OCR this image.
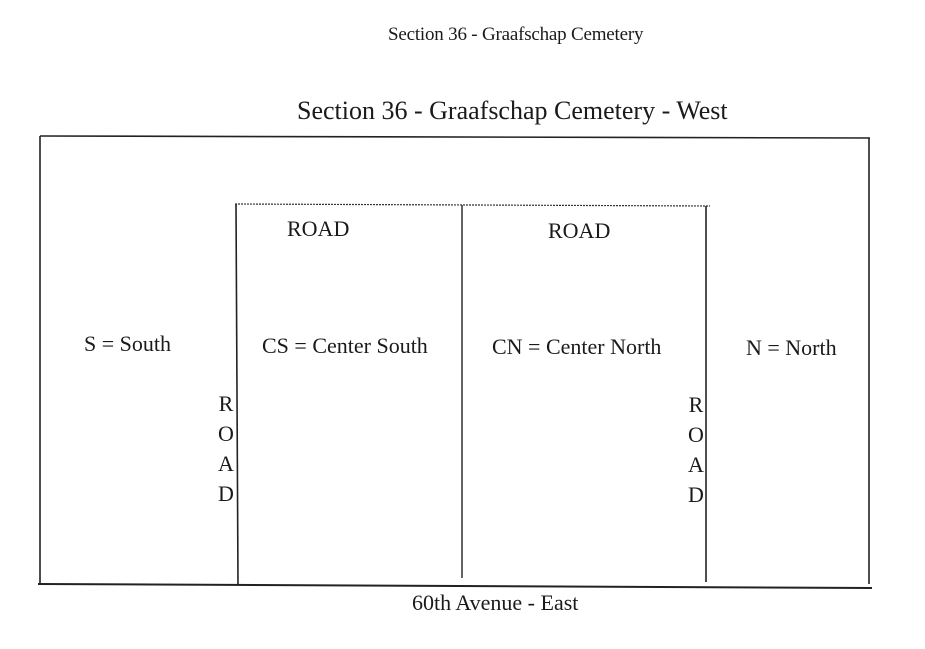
Section 36 - Graafschap Cemetery
Section 36 - Graafschap Cemetery - West
ROAD	ROAD
S = South	CS = Center South	CN = Center North	N = North
R
O
A
D
R
O
A
D
60th Avenue - East
